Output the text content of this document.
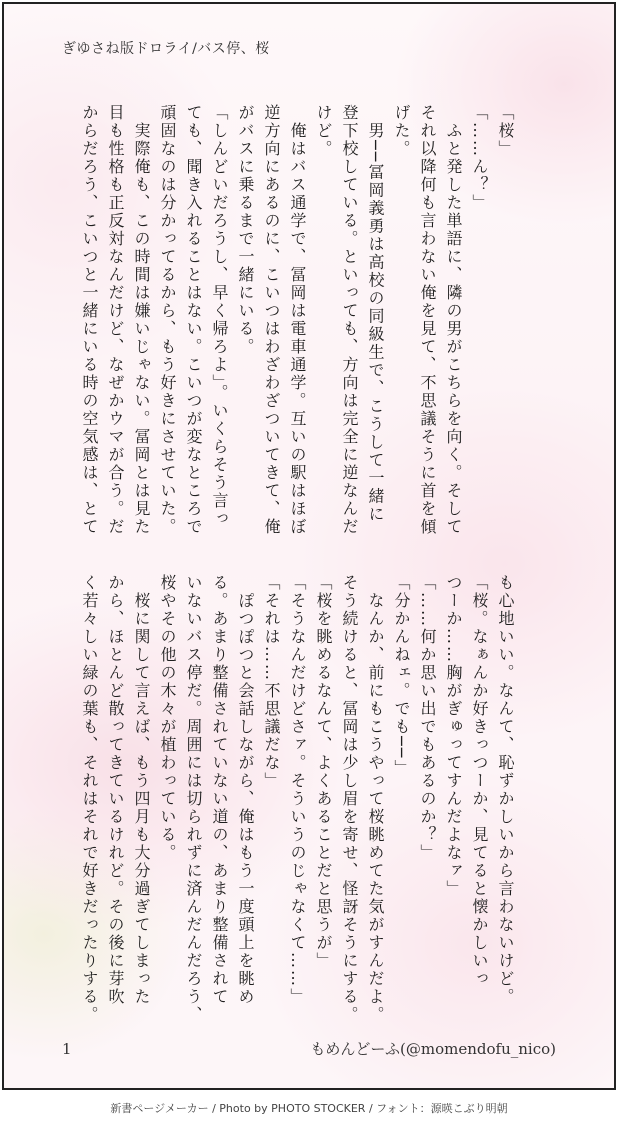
ぎゆさね版ドロライ/バス停、桜
「桜」
「……ん？」
　ふと発した単語に、隣の男がこちらを向く。そして
それ以降何も言わない俺を見て、不思議そうに首を傾
げた。
　男──冨岡義勇は高校の同級生で、こうして一緒に
登下校している。といっても、方向は完全に逆なんだ
けど。
　俺はバス通学で、冨岡は電車通学。互いの駅はほぼ
逆方向にあるのに、こいつはわざわざついてきて、俺
がバスに乗るまで一緒にいる。
「しんどいだろうし、早く帰ろよ」。いくらそう言っ
ても、聞き入れることはない。こいつが変なところで
頑固なのは分かってるから、もう好きにさせていた。
　実際俺も、この時間は嫌いじゃない。冨岡とは見た
目も性格も正反対なんだけど、なぜかウマが合う。だ
からだろう、こいつと一緒にいる時の空気感は、とて
も心地いい。なんて、恥ずかしいから言わないけど。
「桜。なぁんか好きっつーか、見てると懐かしいっ
つーか……胸がぎゅってすんだよなァ」
「……何か思い出でもあるのか？」
「分かんねェ。でも──」
　なんか、前にもこうやって桜眺めてた気がすんだよ。
そう続けると、冨岡は少し眉を寄せ、怪訝そうにする。
「桜を眺めるなんて、よくあることだと思うが」
「そうなんだけどさァ。そういうのじゃなくて……」
「それは……不思議だな」
　ぽつぽつと会話しながら、俺はもう一度頭上を眺め
る。あまり整備されていない道の、あまり整備されて
いないバス停だ。周囲には切られずに済んだんだろう、
桜やその他の木々が植わっている。
　桜に関して言えば、もう四月も大分過ぎてしまった
から、ほとんど散ってきているけれど。その後に芽吹
く若々しい緑の葉も、それはそれで好きだったりする。
1	もめんどーふ(@momendofu_nico)
新書ページメーカー / Photo by PHOTO STOCKER / フォント：源暎こぶり明朝
